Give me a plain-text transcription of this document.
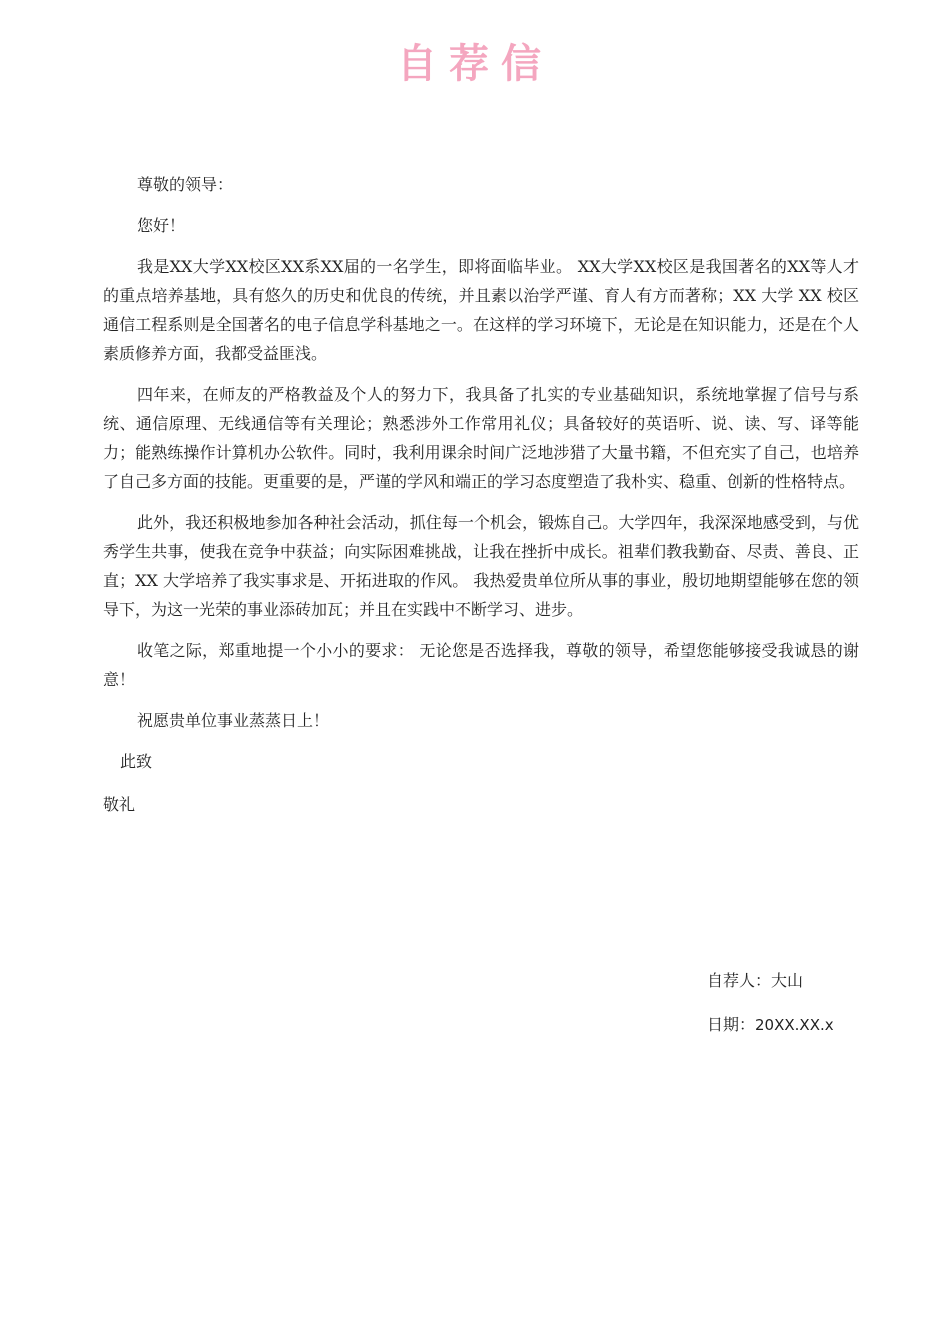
自荐信

尊敬的领导：

您好！

我是XX大学XX校区XX系XX届的一名学生，即将面临毕业。 XX大学XX校区是我国著名的XX等人才的重点培养基地，具有悠久的历史和优良的传统，并且素以治学严谨、育人有方而著称；XX 大学 XX 校区通信工程系则是全国著名的电子信息学科基地之一。在这样的学习环境下，无论是在知识能力，还是在个人素质修养方面，我都受益匪浅。

四年来，在师友的严格教益及个人的努力下，我具备了扎实的专业基础知识，系统地掌握了信号与系统、通信原理、无线通信等有关理论；熟悉涉外工作常用礼仪；具备较好的英语听、说、读、写、译等能力；能熟练操作计算机办公软件。同时，我利用课余时间广泛地涉猎了大量书籍，不但充实了自己，也培养了自己多方面的技能。更重要的是，严谨的学风和端正的学习态度塑造了我朴实、稳重、创新的性格特点。

此外，我还积极地参加各种社会活动，抓住每一个机会，锻炼自己。大学四年，我深深地感受到，与优秀学生共事，使我在竞争中获益；向实际困难挑战，让我在挫折中成长。祖辈们教我勤奋、尽责、善良、正直；XX 大学培养了我实事求是、开拓进取的作风。 我热爱贵单位所从事的事业，殷切地期望能够在您的领导下，为这一光荣的事业添砖加瓦；并且在实践中不断学习、进步。

收笔之际，郑重地提一个小小的要求： 无论您是否选择我，尊敬的领导，希望您能够接受我诚恳的谢意！

祝愿贵单位事业蒸蒸日上！

此致

敬礼

自荐人：大山
日期：20XX.XX.x
